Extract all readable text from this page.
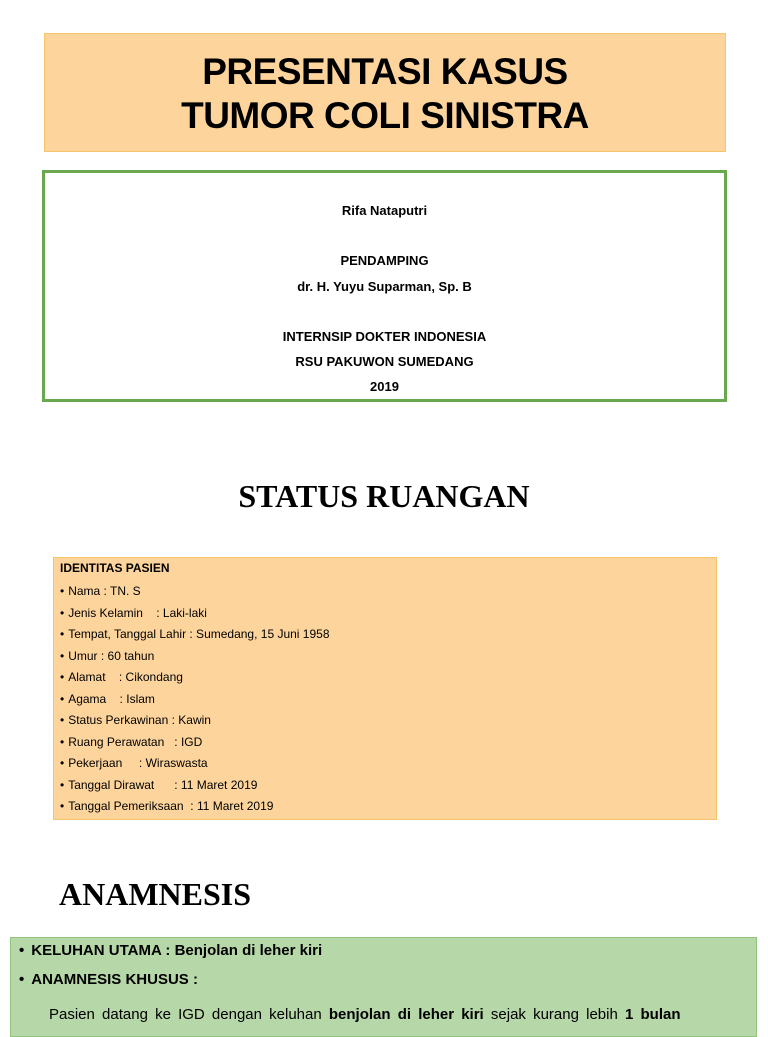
PRESENTASI KASUS
TUMOR COLI SINISTRA
Rifa Nataputri
PENDAMPING
dr. H. Yuyu Suparman, Sp. B
INTERNSIP DOKTER INDONESIA
RSU PAKUWON SUMEDANG
2019
STATUS RUANGAN
IDENTITAS PASIEN
• Nama : TN. S
• Jenis Kelamin    : Laki-laki
• Tempat, Tanggal Lahir : Sumedang, 15 Juni 1958
• Umur : 60 tahun
• Alamat    : Cikondang
• Agama    : Islam
• Status Perkawinan : Kawin
• Ruang Perawatan   : IGD
• Pekerjaan     : Wiraswasta
• Tanggal Dirawat      : 11 Maret 2019
• Tanggal Pemeriksaan  : 11 Maret 2019
ANAMNESIS
• KELUHAN UTAMA : Benjolan di leher kiri
• ANAMNESIS KHUSUS :
Pasien datang ke IGD dengan keluhan benjolan di leher kiri sejak kurang lebih 1 bulan
